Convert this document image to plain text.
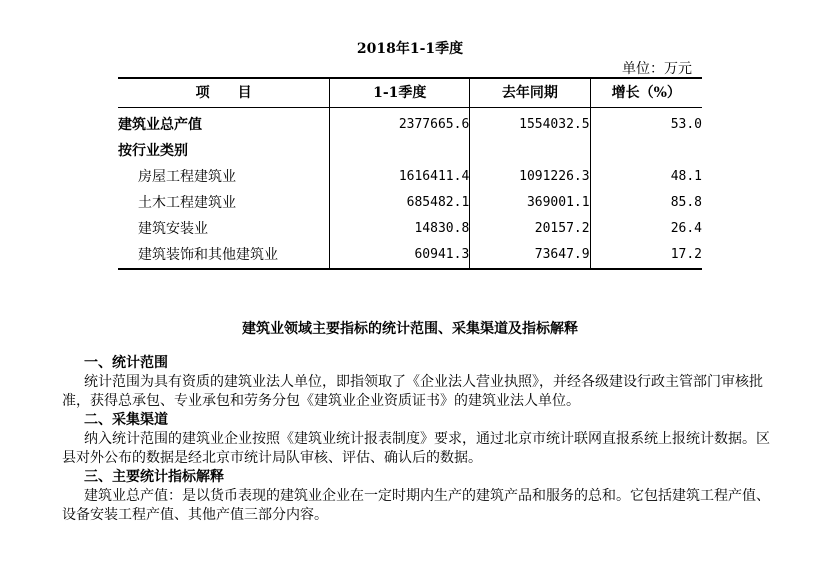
2018年1-1季度
单位：万元
项　　目	1-1季度	去年同期	增长（%）
建筑业总产值	2377665.6	1554032.5	53.0
按行业类别			
房屋工程建筑业	1616411.4	1091226.3	48.1
土木工程建筑业	685482.1	369001.1	85.8
建筑安装业	14830.8	20157.2	26.4
建筑装饰和其他建筑业	60941.3	73647.9	17.2
建筑业领域主要指标的统计范围、采集渠道及指标解释
一、统计范围
统计范围为具有资质的建筑业法人单位，即指领取了《企业法人营业执照》，并经各级建设行政主管部门审核批准，获得总承包、专业承包和劳务分包《建筑业企业资质证书》的建筑业法人单位。
二、采集渠道
纳入统计范围的建筑业企业按照《建筑业统计报表制度》要求，通过北京市统计联网直报系统上报统计数据。区县对外公布的数据是经北京市统计局队审核、评估、确认后的数据。
三、主要统计指标解释
建筑业总产值：是以货币表现的建筑业企业在一定时期内生产的建筑产品和服务的总和。它包括建筑工程产值、设备安装工程产值、其他产值三部分内容。
